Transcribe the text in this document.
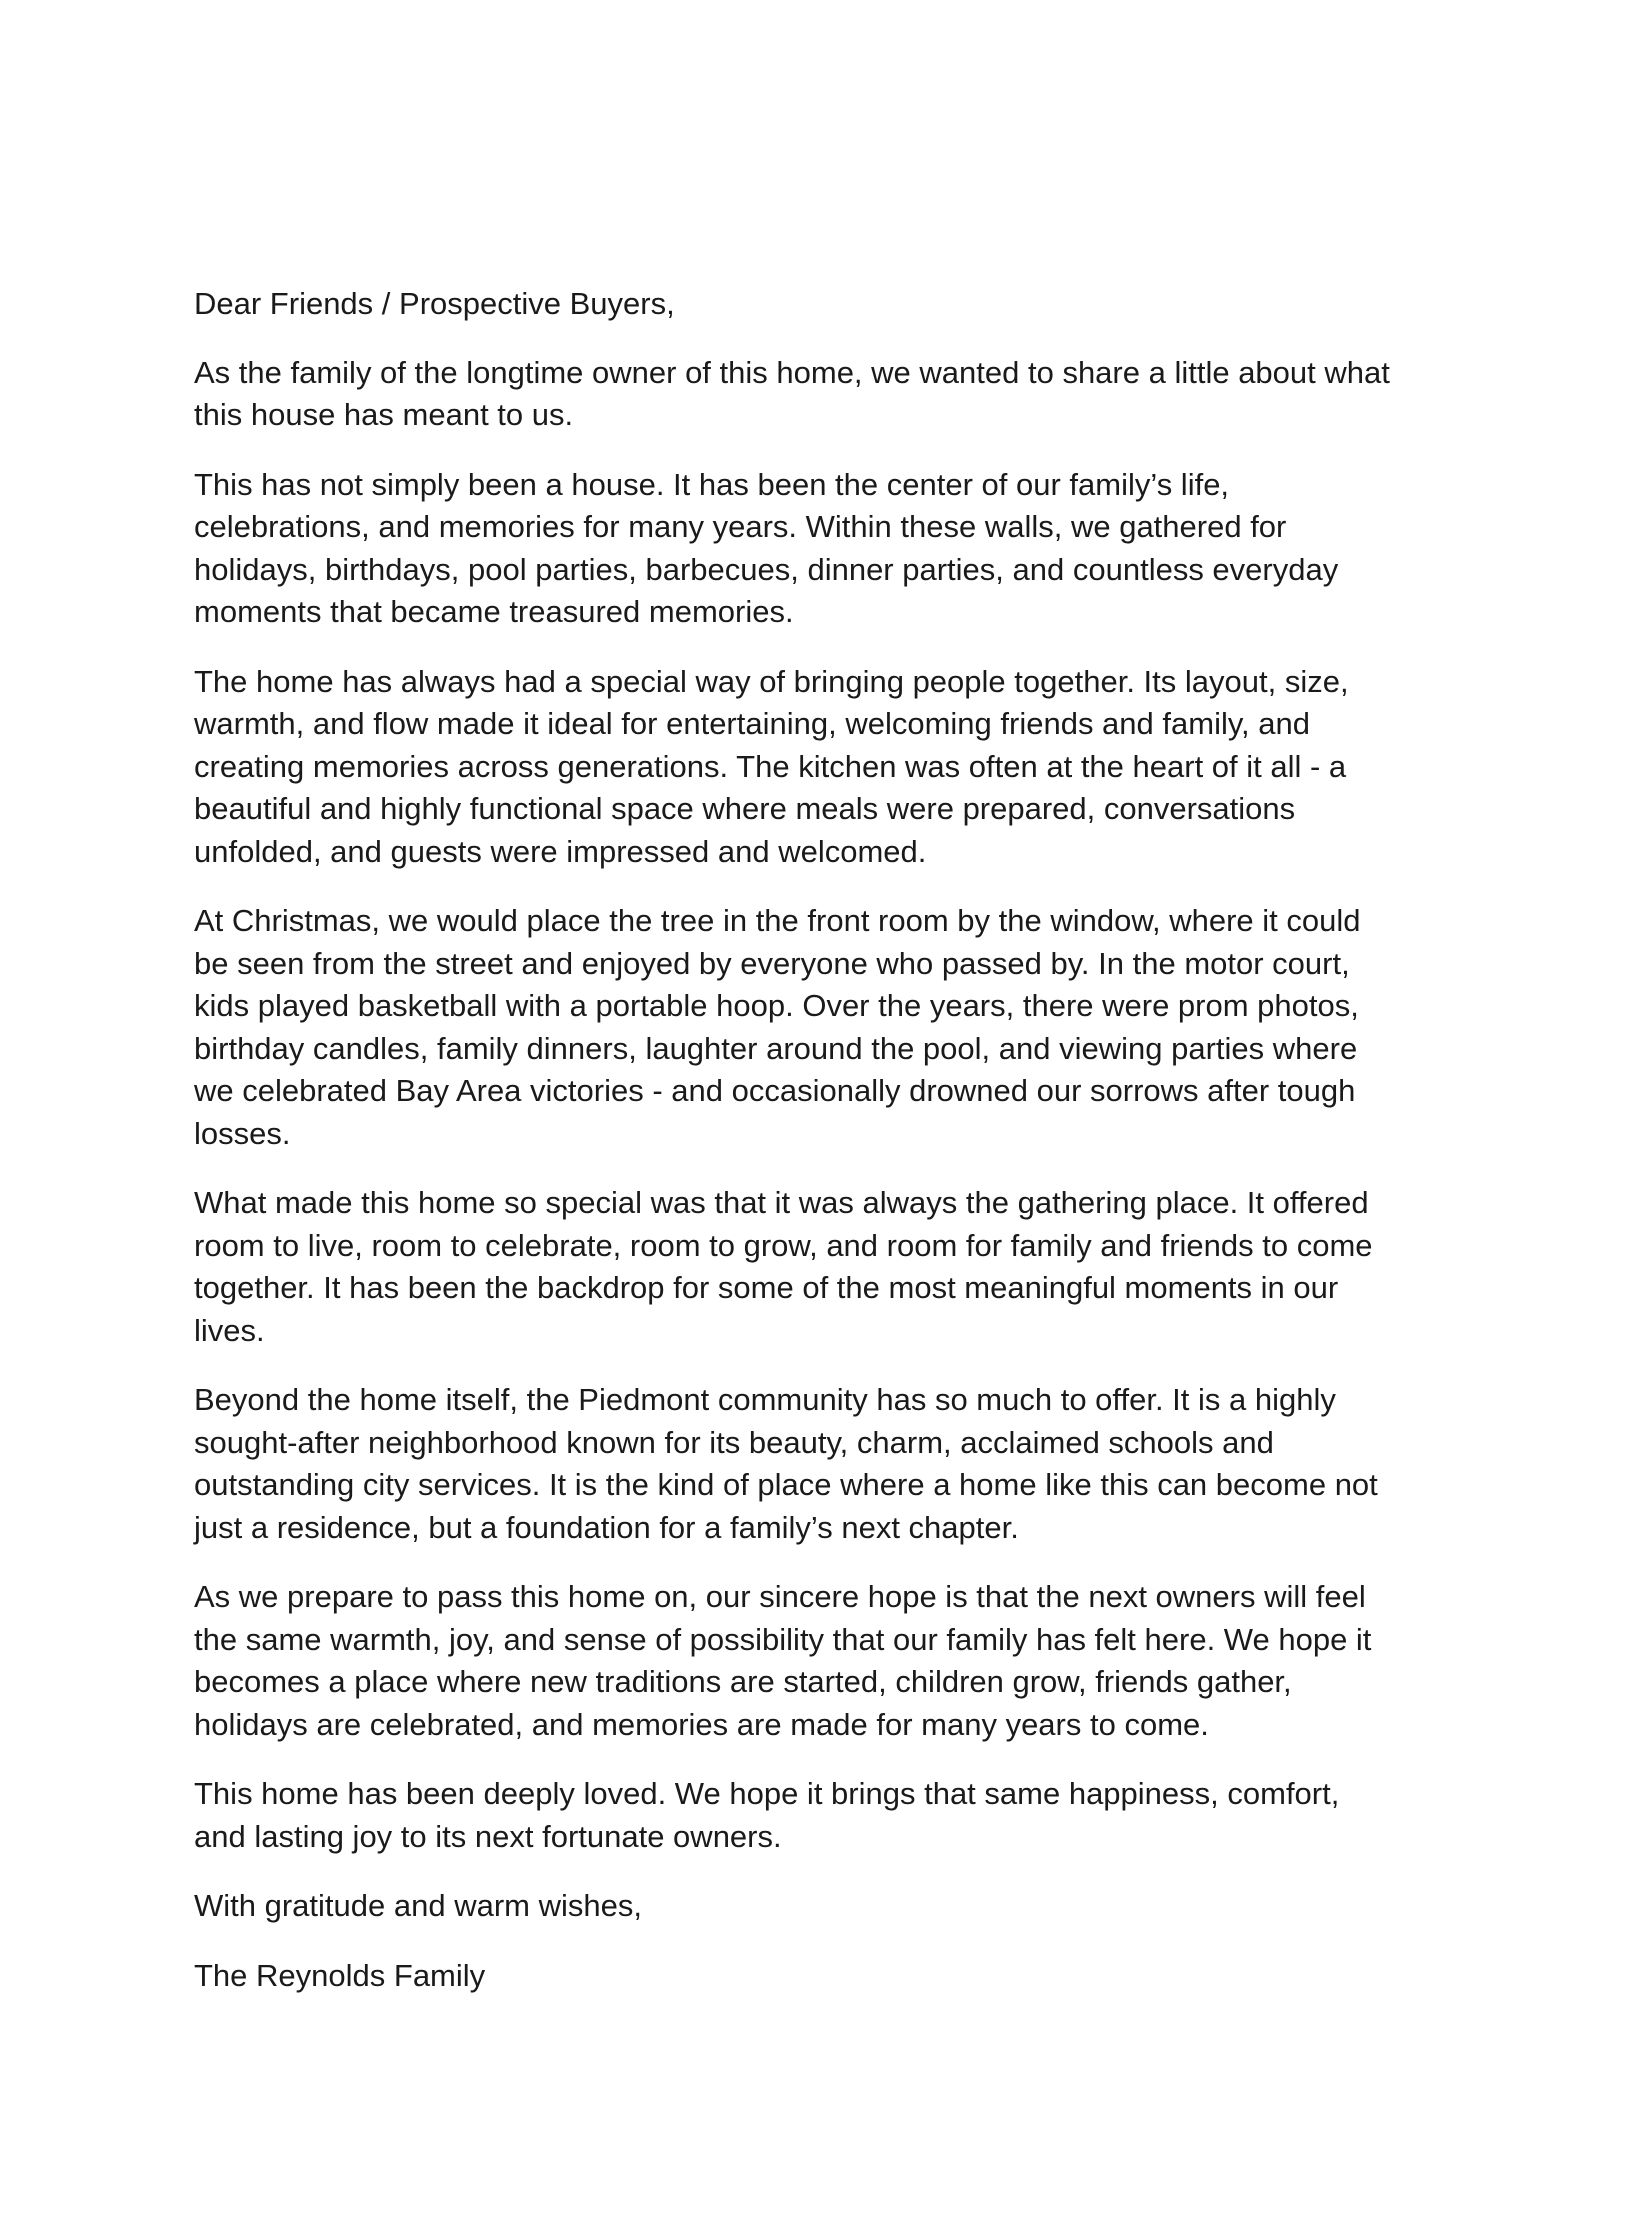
Dear Friends / Prospective Buyers,

As the family of the longtime owner of this home, we wanted to share a little about what
this house has meant to us.

This has not simply been a house. It has been the center of our family’s life,
celebrations, and memories for many years. Within these walls, we gathered for
holidays, birthdays, pool parties, barbecues, dinner parties, and countless everyday
moments that became treasured memories.

The home has always had a special way of bringing people together. Its layout, size,
warmth, and flow made it ideal for entertaining, welcoming friends and family, and
creating memories across generations. The kitchen was often at the heart of it all - a
beautiful and highly functional space where meals were prepared, conversations
unfolded, and guests were impressed and welcomed.

At Christmas, we would place the tree in the front room by the window, where it could
be seen from the street and enjoyed by everyone who passed by. In the motor court,
kids played basketball with a portable hoop. Over the years, there were prom photos,
birthday candles, family dinners, laughter around the pool, and viewing parties where
we celebrated Bay Area victories - and occasionally drowned our sorrows after tough
losses.

What made this home so special was that it was always the gathering place. It offered
room to live, room to celebrate, room to grow, and room for family and friends to come
together. It has been the backdrop for some of the most meaningful moments in our
lives.

Beyond the home itself, the Piedmont community has so much to offer. It is a highly
sought-after neighborhood known for its beauty, charm, acclaimed schools and
outstanding city services. It is the kind of place where a home like this can become not
just a residence, but a foundation for a family’s next chapter.

As we prepare to pass this home on, our sincere hope is that the next owners will feel
the same warmth, joy, and sense of possibility that our family has felt here. We hope it
becomes a place where new traditions are started, children grow, friends gather,
holidays are celebrated, and memories are made for many years to come.

This home has been deeply loved. We hope it brings that same happiness, comfort,
and lasting joy to its next fortunate owners.

With gratitude and warm wishes,

The Reynolds Family
